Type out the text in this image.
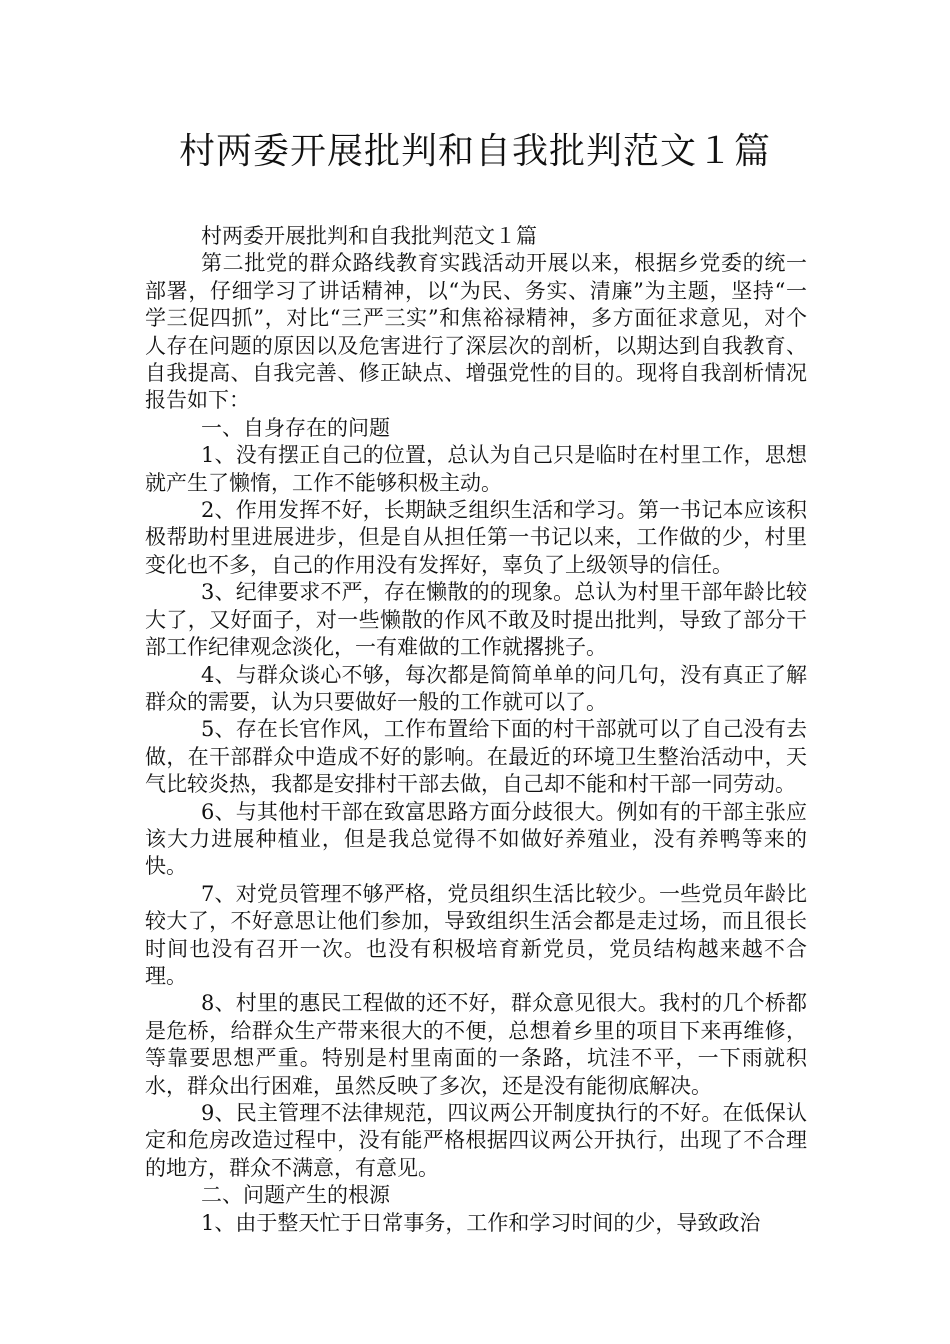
村两委开展批判和自我批判范文１篇

村两委开展批判和自我批判范文１篇

第二批党的群众路线教育实践活动开展以来，根据乡党委的统一部署，仔细学习了讲话精神，以“为民、务实、清廉”为主题，坚持“一学三促四抓”，对比“三严三实”和焦裕禄精神，多方面征求意见，对个人存在问题的原因以及危害进行了深层次的剖析，以期达到自我教育、自我提高、自我完善、修正缺点、增强党性的目的。现将自我剖析情况报告如下：

一、自身存在的问题

1、没有摆正自己的位置，总认为自己只是临时在村里工作，思想就产生了懒惰，工作不能够积极主动。

2、作用发挥不好，长期缺乏组织生活和学习。第一书记本应该积极帮助村里进展进步，但是自从担任第一书记以来，工作做的少，村里变化也不多，自己的作用没有发挥好，辜负了上级领导的信任。

3、纪律要求不严，存在懒散的的现象。总认为村里干部年龄比较大了，又好面子，对一些懒散的作风不敢及时提出批判，导致了部分干部工作纪律观念淡化，一有难做的工作就撂挑子。

4、与群众谈心不够，每次都是简简单单的问几句，没有真正了解群众的需要，认为只要做好一般的工作就可以了。

5、存在长官作风，工作布置给下面的村干部就可以了自己没有去做，在干部群众中造成不好的影响。在最近的环境卫生整治活动中，天气比较炎热，我都是安排村干部去做，自己却不能和村干部一同劳动。

6、与其他村干部在致富思路方面分歧很大。例如有的干部主张应该大力进展种植业，但是我总觉得不如做好养殖业，没有养鸭等来的快。

7、对党员管理不够严格，党员组织生活比较少。一些党员年龄比较大了，不好意思让他们参加，导致组织生活会都是走过场，而且很长时间也没有召开一次。也没有积极培育新党员，党员结构越来越不合理。

8、村里的惠民工程做的还不好，群众意见很大。我村的几个桥都是危桥，给群众生产带来很大的不便，总想着乡里的项目下来再维修，等靠要思想严重。特别是村里南面的一条路，坑洼不平，一下雨就积水，群众出行困难，虽然反映了多次，还是没有能彻底解决。

9、民主管理不法律规范，四议两公开制度执行的不好。在低保认定和危房改造过程中，没有能严格根据四议两公开执行，出现了不合理的地方，群众不满意，有意见。

二、问题产生的根源

1、由于整天忙于日常事务，工作和学习时间的少，导致政治
